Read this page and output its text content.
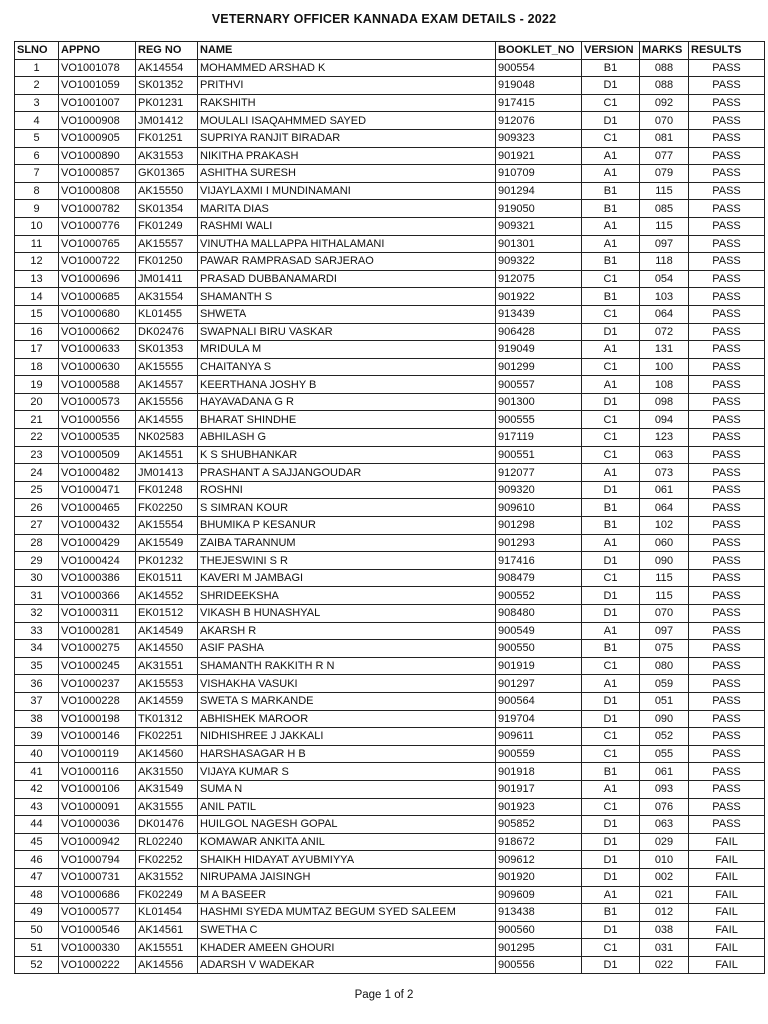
VETERNARY OFFICER KANNADA EXAM DETAILS - 2022
SLNO	APPNO	REG NO	NAME	BOOKLET_NO	VERSION	MARKS	RESULTS
1	VO1001078	AK14554	MOHAMMED ARSHAD K	900554	B1	088	PASS
2	VO1001059	SK01352	PRITHVI	919048	D1	088	PASS
3	VO1001007	PK01231	RAKSHITH	917415	C1	092	PASS
4	VO1000908	JM01412	MOULALI ISAQAHMMED SAYED	912076	D1	070	PASS
5	VO1000905	FK01251	SUPRIYA RANJIT BIRADAR	909323	C1	081	PASS
6	VO1000890	AK31553	NIKITHA PRAKASH	901921	A1	077	PASS
7	VO1000857	GK01365	ASHITHA SURESH	910709	A1	079	PASS
8	VO1000808	AK15550	VIJAYLAXMI I MUNDINAMANI	901294	B1	115	PASS
9	VO1000782	SK01354	MARITA DIAS	919050	B1	085	PASS
10	VO1000776	FK01249	RASHMI WALI	909321	A1	115	PASS
11	VO1000765	AK15557	VINUTHA MALLAPPA HITHALAMANI	901301	A1	097	PASS
12	VO1000722	FK01250	PAWAR RAMPRASAD SARJERAO	909322	B1	118	PASS
13	VO1000696	JM01411	PRASAD DUBBANAMARDI	912075	C1	054	PASS
14	VO1000685	AK31554	SHAMANTH S	901922	B1	103	PASS
15	VO1000680	KL01455	SHWETA	913439	C1	064	PASS
16	VO1000662	DK02476	SWAPNALI BIRU VASKAR	906428	D1	072	PASS
17	VO1000633	SK01353	MRIDULA M	919049	A1	131	PASS
18	VO1000630	AK15555	CHAITANYA S	901299	C1	100	PASS
19	VO1000588	AK14557	KEERTHANA JOSHY B	900557	A1	108	PASS
20	VO1000573	AK15556	HAYAVADANA G R	901300	D1	098	PASS
21	VO1000556	AK14555	BHARAT SHINDHE	900555	C1	094	PASS
22	VO1000535	NK02583	ABHILASH G	917119	C1	123	PASS
23	VO1000509	AK14551	K S SHUBHANKAR	900551	C1	063	PASS
24	VO1000482	JM01413	PRASHANT A SAJJANGOUDAR	912077	A1	073	PASS
25	VO1000471	FK01248	ROSHNI	909320	D1	061	PASS
26	VO1000465	FK02250	S SIMRAN KOUR	909610	B1	064	PASS
27	VO1000432	AK15554	BHUMIKA P KESANUR	901298	B1	102	PASS
28	VO1000429	AK15549	ZAIBA TARANNUM	901293	A1	060	PASS
29	VO1000424	PK01232	THEJESWINI S R	917416	D1	090	PASS
30	VO1000386	EK01511	KAVERI M JAMBAGI	908479	C1	115	PASS
31	VO1000366	AK14552	SHRIDEEKSHA	900552	D1	115	PASS
32	VO1000311	EK01512	VIKASH B HUNASHYAL	908480	D1	070	PASS
33	VO1000281	AK14549	AKARSH R	900549	A1	097	PASS
34	VO1000275	AK14550	ASIF PASHA	900550	B1	075	PASS
35	VO1000245	AK31551	SHAMANTH RAKKITH R N	901919	C1	080	PASS
36	VO1000237	AK15553	VISHAKHA VASUKI	901297	A1	059	PASS
37	VO1000228	AK14559	SWETA S MARKANDE	900564	D1	051	PASS
38	VO1000198	TK01312	ABHISHEK MAROOR	919704	D1	090	PASS
39	VO1000146	FK02251	NIDHISHREE J JAKKALI	909611	C1	052	PASS
40	VO1000119	AK14560	HARSHASAGAR H B	900559	C1	055	PASS
41	VO1000116	AK31550	VIJAYA KUMAR S	901918	B1	061	PASS
42	VO1000106	AK31549	SUMA N	901917	A1	093	PASS
43	VO1000091	AK31555	ANIL PATIL	901923	C1	076	PASS
44	VO1000036	DK01476	HUILGOL NAGESH GOPAL	905852	D1	063	PASS
45	VO1000942	RL02240	KOMAWAR ANKITA ANIL	918672	D1	029	FAIL
46	VO1000794	FK02252	SHAIKH HIDAYAT AYUBMIYYA	909612	D1	010	FAIL
47	VO1000731	AK31552	NIRUPAMA JAISINGH	901920	D1	002	FAIL
48	VO1000686	FK02249	M A BASEER	909609	A1	021	FAIL
49	VO1000577	KL01454	HASHMI SYEDA MUMTAZ BEGUM SYED SALEEM	913438	B1	012	FAIL
50	VO1000546	AK14561	SWETHA C	900560	D1	038	FAIL
51	VO1000330	AK15551	KHADER AMEEN GHOURI	901295	C1	031	FAIL
52	VO1000222	AK14556	ADARSH V WADEKAR	900556	D1	022	FAIL
Page 1 of 2
